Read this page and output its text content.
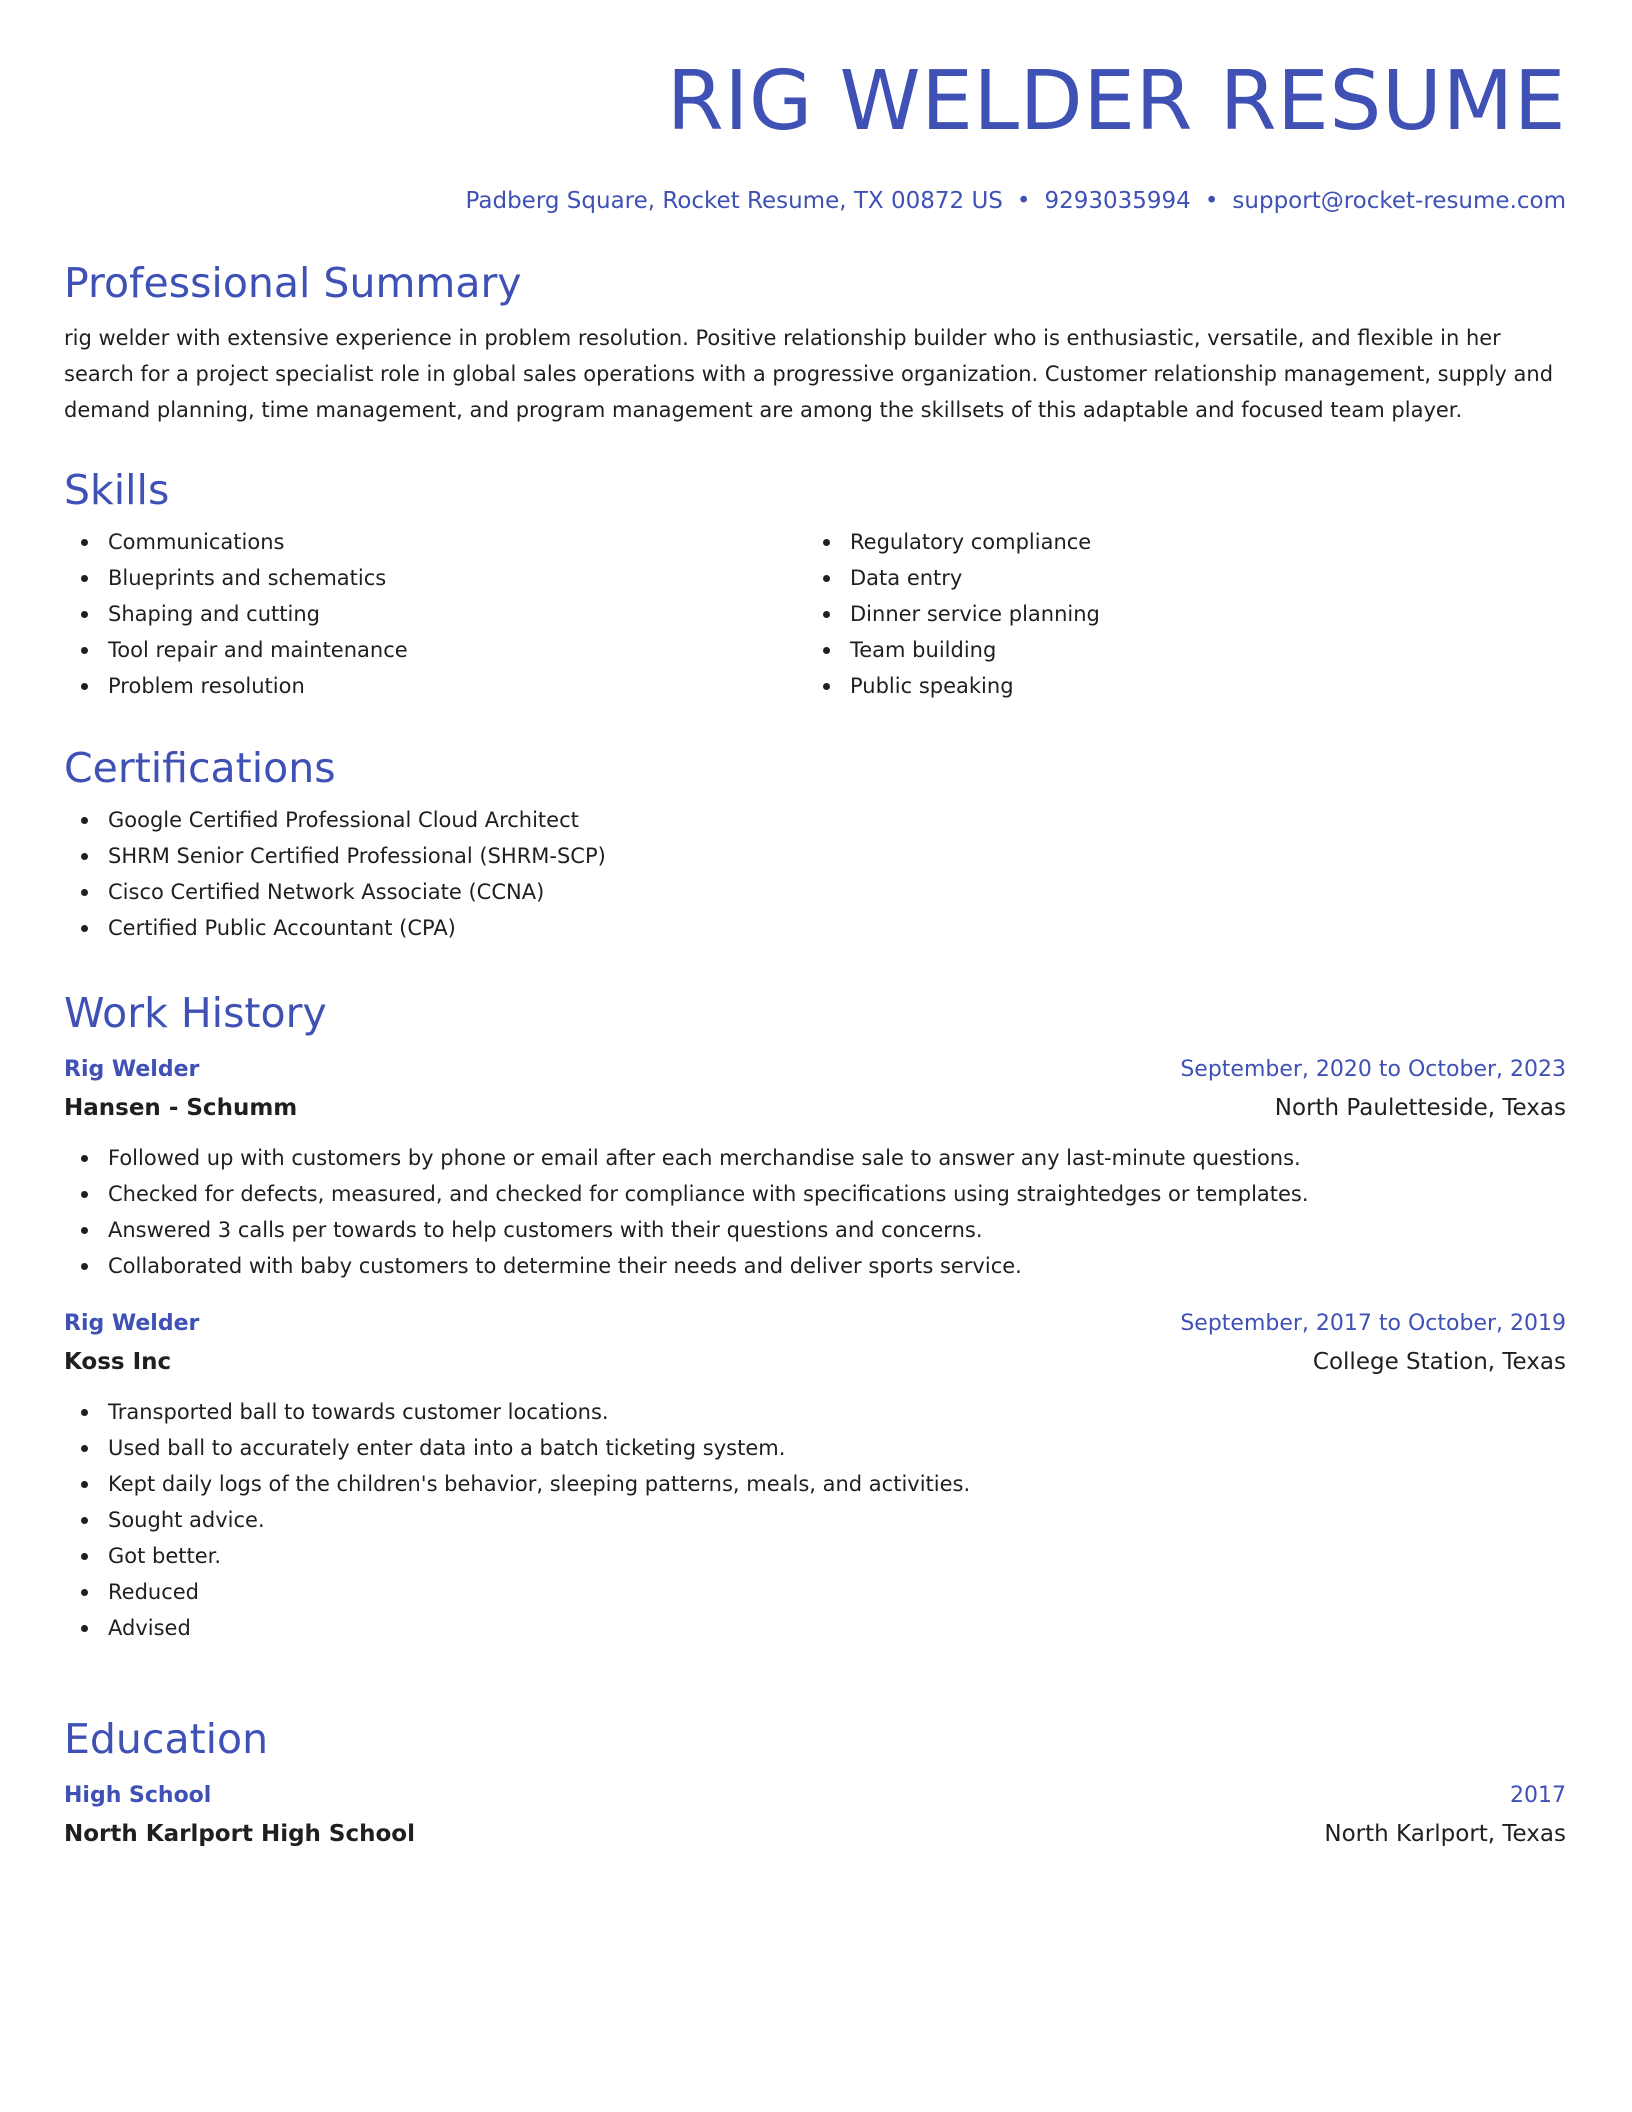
RIG WELDER RESUME
Padberg Square, Rocket Resume, TX 00872 US • 9293035994 • support@rocket-resume.com
Professional Summary

rig welder with extensive experience in problem resolution. Positive relationship builder who is enthusiastic, versatile, and flexible in her search for a project specialist role in global sales operations with a progressive organization. Customer relationship management, supply and demand planning, time management, and program management are among the skillsets of this adaptable and focused team player.

Skills
Communications
Blueprints and schematics
Shaping and cutting
Tool repair and maintenance
Problem resolution
Regulatory compliance
Data entry
Dinner service planning
Team building
Public speaking
Certifications
Google Certified Professional Cloud Architect
SHRM Senior Certified Professional (SHRM-SCP)
Cisco Certified Network Associate (CCNA)
Certified Public Accountant (CPA)
Work History
Rig Welder	September, 2020 to October, 2023
Hansen - Schumm	North Pauletteside, Texas
Followed up with customers by phone or email after each merchandise sale to answer any last-minute questions.
Checked for defects, measured, and checked for compliance with specifications using straightedges or templates.
Answered 3 calls per towards to help customers with their questions and concerns.
Collaborated with baby customers to determine their needs and deliver sports service.
Rig Welder	September, 2017 to October, 2019
Koss Inc	College Station, Texas
Transported ball to towards customer locations.
Used ball to accurately enter data into a batch ticketing system.
Kept daily logs of the children's behavior, sleeping patterns, meals, and activities.
Sought advice.
Got better.
Reduced
Advised
Education
High School	2017
North Karlport High School	North Karlport, Texas
